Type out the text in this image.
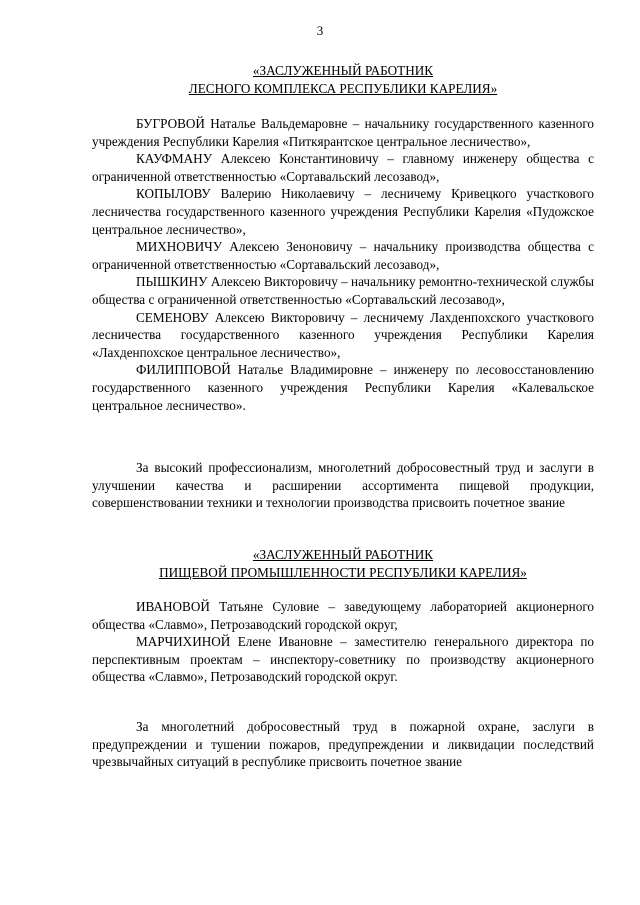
3
«ЗАСЛУЖЕННЫЙ РАБОТНИК
ЛЕСНОГО КОМПЛЕКСА РЕСПУБЛИКИ КАРЕЛИЯ»

БУГРОВОЙ Наталье Вальдемаровне – начальнику государственного казенного учреждения Республики Карелия «Питкярантское центральное лесничество»,

КАУФМАНУ Алексею Константиновичу – главному инженеру общества с ограниченной ответственностью «Сортавальский лесозавод»,

КОПЫЛОВУ Валерию Николаевичу – лесничему Кривецкого участкового лесничества государственного казенного учреждения Республики Карелия «Пудожское центральное лесничество»,

МИХНОВИЧУ Алексею Зеноновичу – начальнику производства общества с ограниченной ответственностью «Сортавальский лесозавод»,

ПЫШКИНУ Алексею Викторовичу – начальнику ремонтно-технической службы общества с ограниченной ответственностью «Сортавальский лесозавод»,

СЕМЕНОВУ Алексею Викторовичу – лесничему Лахденпохского участкового лесничества государственного казенного учреждения Республики Карелия «Лахденпохское центральное лесничество»,

ФИЛИППОВОЙ Наталье Владимировне – инженеру по лесовосстановлению государственного казенного учреждения Республики Карелия «Калевальское центральное лесничество».

За высокий профессионализм, многолетний добросовестный труд и заслуги в улучшении качества и расширении ассортимента пищевой продукции, совершенствовании техники и технологии производства присвоить почетное звание

«ЗАСЛУЖЕННЫЙ РАБОТНИК
ПИЩЕВОЙ ПРОМЫШЛЕННОСТИ РЕСПУБЛИКИ КАРЕЛИЯ»

ИВАНОВОЙ Татьяне Суловие – заведующему лабораторией акционерного общества «Славмо», Петрозаводский городской округ,

МАРЧИХИНОЙ Елене Ивановне – заместителю генерального директора по перспективным проектам – инспектору-советнику по производству акционерного общества «Славмо», Петрозаводский городской округ.

За многолетний добросовестный труд в пожарной охране, заслуги в предупреждении и тушении пожаров, предупреждении и ликвидации последствий чрезвычайных ситуаций в республике присвоить почетное звание
